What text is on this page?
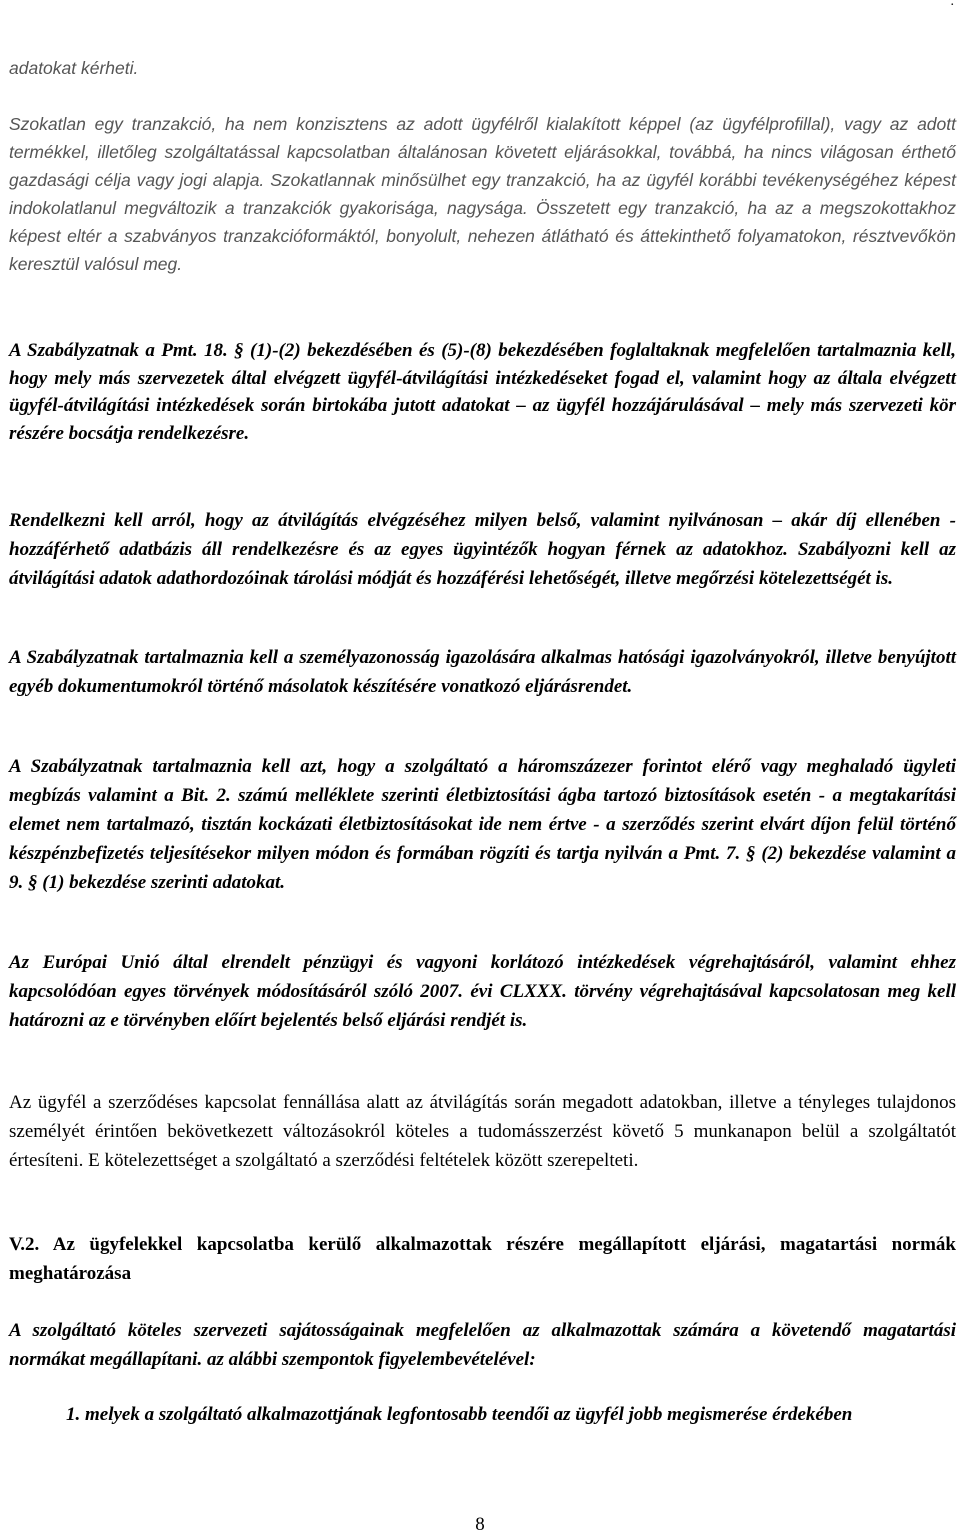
.

adatokat kérheti.

Szokatlan egy tranzakció, ha nem konzisztens az adott ügyfélről kialakított képpel (az ügyfélprofillal), vagy az adott termékkel, illetőleg szolgáltatással kapcsolatban általánosan követett eljárásokkal, továbbá, ha nincs világosan érthető gazdasági célja vagy jogi alapja. Szokatlannak minősülhet egy tranzakció, ha az ügyfél korábbi tevékenységéhez képest indokolatlanul megváltozik a tranzakciók gyakorisága, nagysága. Összetett egy tranzakció, ha az a megszokottakhoz képest eltér a szabványos tranzakcióformáktól, bonyolult, nehezen átlátható és áttekinthető folyamatokon, résztvevőkön keresztül valósul meg.

A Szabályzatnak a Pmt. 18. § (1)-(2) bekezdésében és (5)-(8) bekezdésében foglaltaknak megfelelően tartalmaznia kell, hogy mely más szervezetek által elvégzett ügyfél-átvilágítási intézkedéseket fogad el, valamint hogy az általa elvégzett ügyfél-átvilágítási intézkedések során birtokába jutott adatokat – az ügyfél hozzájárulásával – mely más szervezeti kör részére bocsátja rendelkezésre.

Rendelkezni kell arról, hogy az átvilágítás elvégzéséhez milyen belső, valamint nyilvánosan – akár díj ellenében - hozzáférhető adatbázis áll rendelkezésre és az egyes ügyintézők hogyan férnek az adatokhoz. Szabályozni kell az átvilágítási adatok adathordozóinak tárolási módját és hozzáférési lehetőségét, illetve megőrzési kötelezettségét is.

A Szabályzatnak tartalmaznia kell a személyazonosság igazolására alkalmas hatósági igazolványokról, illetve benyújtott egyéb dokumentumokról történő másolatok készítésére vonatkozó eljárásrendet.

A Szabályzatnak tartalmaznia kell azt, hogy a szolgáltató a háromszázezer forintot elérő vagy meghaladó ügyleti megbízás valamint a Bit. 2. számú melléklete szerinti életbiztosítási ágba tartozó biztosítások esetén - a megtakarítási elemet nem tartalmazó, tisztán kockázati életbiztosításokat ide nem értve - a szerződés szerint elvárt díjon felül történő készpénzbefizetés teljesítésekor milyen módon és formában rögzíti és tartja nyilván a Pmt. 7. § (2) bekezdése valamint a 9. § (1) bekezdése szerinti adatokat.

Az Európai Unió által elrendelt pénzügyi és vagyoni korlátozó intézkedések végrehajtásáról, valamint ehhez kapcsolódóan egyes törvények módosításáról szóló 2007. évi CLXXX. törvény végrehajtásával kapcsolatosan meg kell határozni az e törvényben előírt bejelentés belső eljárási rendjét is.

Az ügyfél a szerződéses kapcsolat fennállása alatt az átvilágítás során megadott adatokban, illetve a tényleges tulajdonos személyét érintően bekövetkezett változásokról köteles a tudomásszerzést követő 5 munkanapon belül a szolgáltatót értesíteni. E kötelezettséget a szolgáltató a szerződési feltételek között szerepelteti.

V.2. Az ügyfelekkel kapcsolatba kerülő alkalmazottak részére megállapított eljárási, magatartási normák meghatározása

A szolgáltató köteles szervezeti sajátosságainak megfelelően az alkalmazottak számára a követendő magatartási normákat megállapítani. az alábbi szempontok figyelembevételével:

1. melyek a szolgáltató alkalmazottjának legfontosabb teendői az ügyfél jobb megismerése érdekében

8
